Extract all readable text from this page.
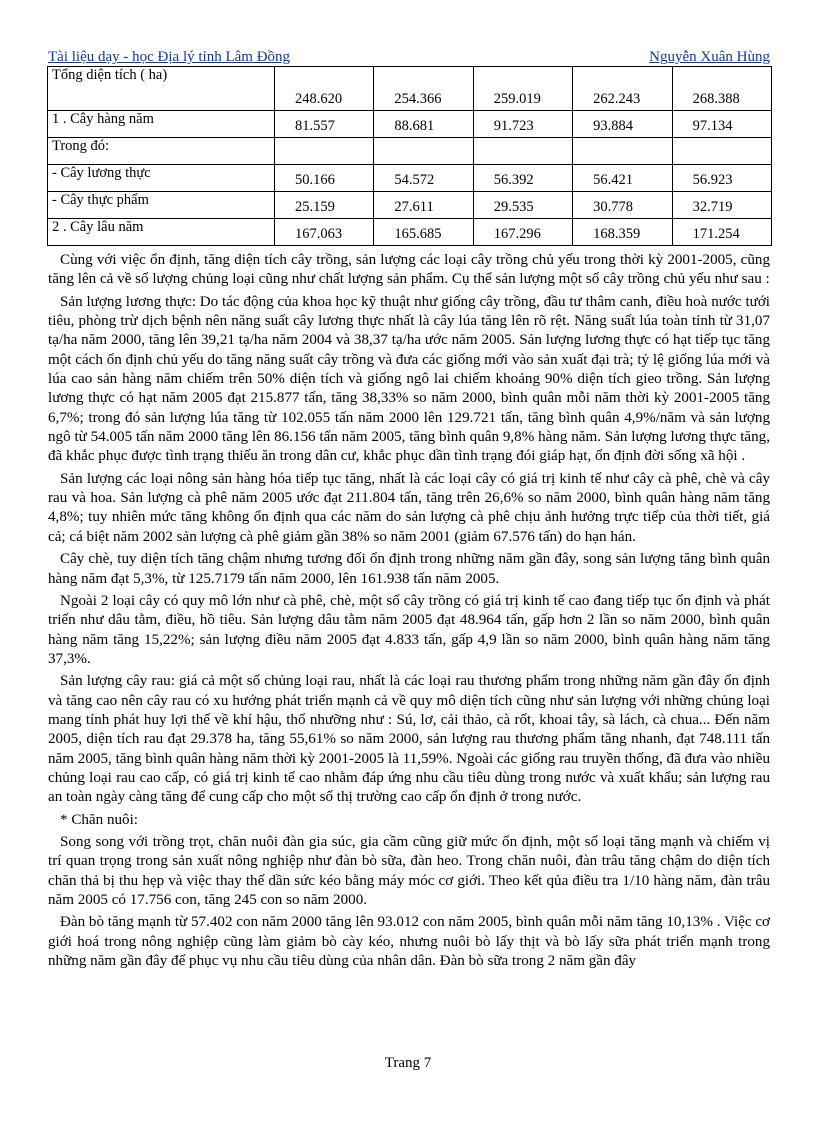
Tài liệu dạy - học Địa lý tỉnh Lâm Đồng	Nguyễn Xuân Hùng
Tổng diện tích ( ha)	248.620	254.366	259.019	262.243	268.388
1 . Cây hàng năm	81.557	88.681	91.723	93.884	97.134
Trong đó:					
- Cây lương thực	50.166	54.572	56.392	56.421	56.923
- Cây thực phẩm	25.159	27.611	29.535	30.778	32.719
2 . Cây lâu năm	167.063	165.685	167.296	168.359	171.254

Cùng với việc ổn định, tăng diện tích cây trồng, sản lượng các loại cây trồng chủ yếu trong thời kỳ 2001-2005, cũng tăng lên cả về số lượng chủng loại cũng như chất lượng sản phẩm. Cụ thể sản lượng một số cây trồng chủ yếu như sau :

Sản lượng lương thực: Do tác động của khoa học kỹ thuật như giống cây trồng, đầu tư thâm canh, điều hoà nước tưới tiêu, phòng trừ dịch bệnh nên năng suất cây lương thực nhất là cây lúa tăng lên rõ rệt. Năng suất lúa toàn tỉnh từ 31,07 tạ/ha năm 2000, tăng lên 39,21 tạ/ha năm 2004 và 38,37 tạ/ha ước năm 2005. Sản lượng lương thực có hạt tiếp tục tăng một cách ổn định chủ yếu do tăng năng suất cây trồng và đưa các giống mới vào sản xuất đại trà; tỷ lệ giống lúa mới và lúa cao sản hàng năm chiếm trên 50% diện tích và giống ngô lai chiếm khoảng 90% diện tích gieo trồng. Sản lượng lương thực có hạt năm 2005 đạt 215.877 tấn, tăng 38,33% so năm 2000, bình quân mỗi năm thời kỳ 2001-2005 tăng 6,7%; trong đó sản lượng lúa tăng từ 102.055 tấn năm 2000 lên 129.721 tấn, tăng bình quân 4,9%/năm và sản lượng ngô từ 54.005 tấn năm 2000 tăng lên 86.156 tấn năm 2005, tăng bình quân 9,8% hàng năm. Sản lượng lương thực tăng, đã khắc phục được tình trạng thiếu ăn trong dân cư, khắc phục dần tình trạng đói giáp hạt, ổn định đời sống xã hội .

Sản lượng các loại nông sản hàng hóa tiếp tục tăng, nhất là các loại cây có giá trị kinh tế như cây cà phê, chè và cây rau và hoa. Sản lượng cà phê năm 2005 ước đạt 211.804 tấn, tăng trên 26,6% so năm 2000, bình quân hàng năm tăng 4,8%; tuy nhiên mức tăng không ổn định qua các năm do sản lượng cà phê chịu ảnh hưởng trực tiếp của thời tiết, giá cả; cá biệt năm 2002 sản lượng cà phê giảm gần 38% so năm 2001 (giảm 67.576 tấn) do hạn hán.

Cây chè, tuy diện tích tăng chậm nhưng tương đối ổn định trong những năm gần đây, song sản lượng tăng bình quân hàng năm đạt 5,3%, từ 125.7179 tấn năm 2000, lên 161.938 tấn năm 2005.

Ngoài 2 loại cây có quy mô lớn như cà phê, chè, một số cây trồng có giá trị kinh tế cao đang tiếp tục ổn định và phát triển như dâu tằm, điều, hồ tiêu. Sản lượng dâu tằm năm 2005 đạt 48.964 tấn, gấp hơn 2 lần so năm 2000, bình quân hàng năm tăng 15,22%; sản lượng điều năm 2005 đạt 4.833 tấn, gấp 4,9 lần so năm 2000, bình quân hàng năm tăng 37,3%.

Sản lượng cây rau: giá cả một số chủng loại rau, nhất là các loại rau thương phẩm trong những năm gần đây ổn định và tăng cao nên cây rau có xu hướng phát triển mạnh cả về quy mô diện tích cũng như sản lượng với những chủng loại mang tính phát huy lợi thế về khí hậu, thổ nhưỡng như : Sú, lơ, cải thảo, cà rốt, khoai tây, sà lách, cà chua... Đến năm 2005, diện tích rau đạt 29.378 ha, tăng 55,61% so năm 2000, sản lượng rau thương phẩm tăng nhanh, đạt 748.111 tấn năm 2005, tăng bình quân hàng năm thời kỳ 2001-2005 là 11,59%. Ngoài các giống rau truyền thống, đã đưa vào nhiều chủng loại rau cao cấp, có giá trị kinh tế cao nhằm đáp ứng nhu cầu tiêu dùng trong nước và xuất khẩu; sản lượng rau an toàn ngày càng tăng để cung cấp cho một số thị trường cao cấp ổn định ở trong nước.

* Chăn nuôi:

Song song với trồng trọt, chăn nuôi đàn gia súc, gia cầm cũng giữ mức ổn định, một số loại tăng mạnh và chiếm vị trí quan trọng trong sản xuất nông nghiệp như đàn bò sữa, đàn heo. Trong chăn nuôi, đàn trâu tăng chậm do diện tích chăn thả bị thu hẹp và việc thay thế dần sức kéo bằng máy móc cơ giới. Theo kết qủa điều tra 1/10 hàng năm, đàn trâu năm 2005 có 17.756 con, tăng 245 con so năm 2000.

Đàn bò tăng mạnh từ 57.402 con năm 2000 tăng lên 93.012 con năm 2005, bình quân mỗi năm tăng 10,13% . Việc cơ giới hoá trong nông nghiệp cũng làm giảm bò cày kéo, nhưng nuôi bò lấy thịt và bò lấy sữa phát triển mạnh trong những năm gần đây để phục vụ nhu cầu tiêu dùng của nhân dân. Đàn bò sữa trong 2 năm gần đây

Trang 7
